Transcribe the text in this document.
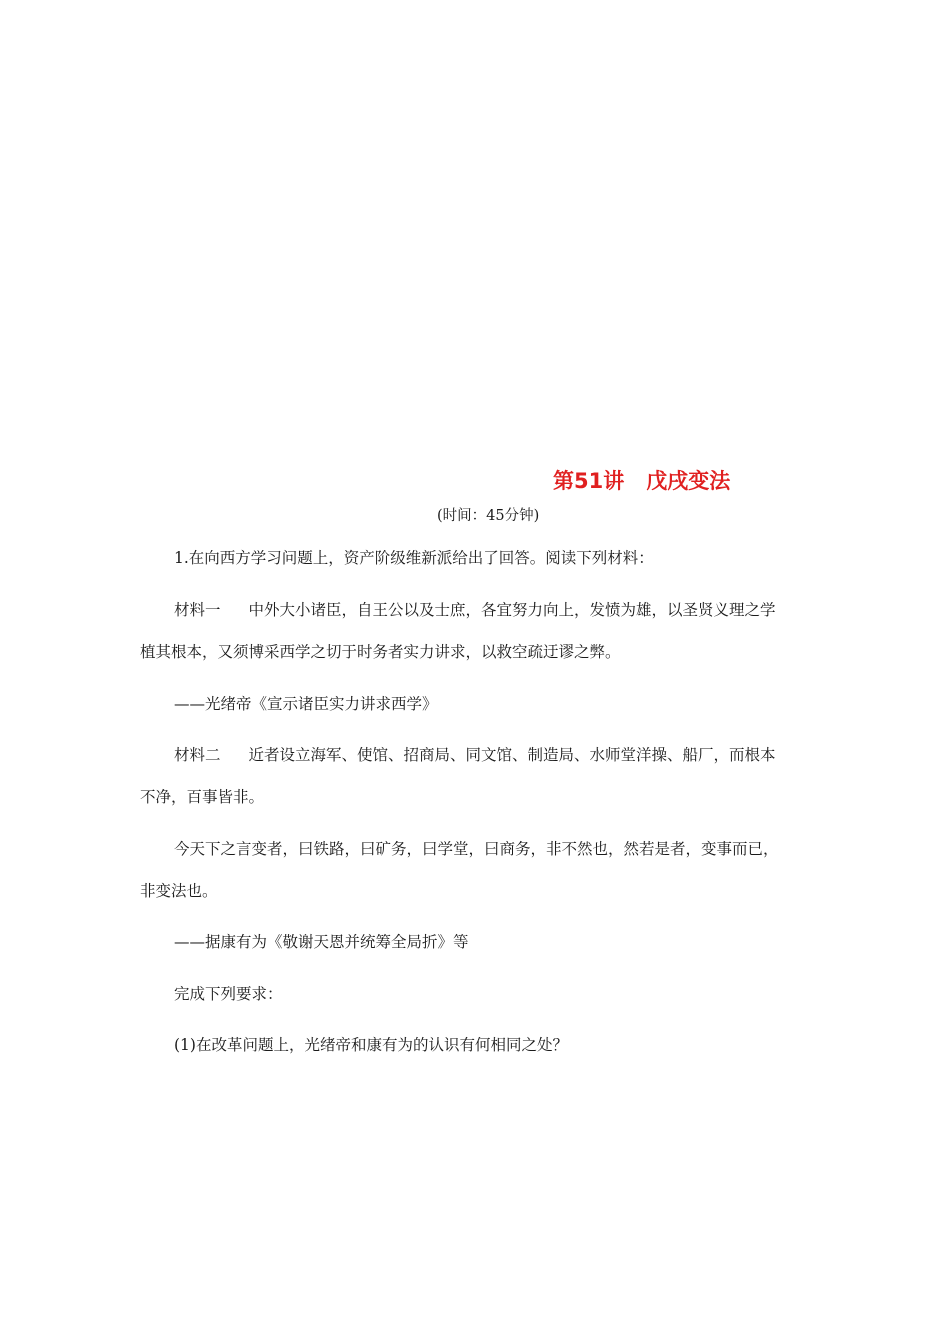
第51讲 戊戌变法
(时间：45分钟)

1.在向西方学习问题上，资产阶级维新派给出了回答。阅读下列材料：

材料一 中外大小诸臣，自王公以及士庶，各宜努力向上，发愤为雄，以圣贤义理之学

植其根本，又须博采西学之切于时务者实力讲求，以救空疏迂谬之弊。

——光绪帝《宣示诸臣实力讲求西学》

材料二 近者设立海军、使馆、招商局、同文馆、制造局、水师堂洋操、船厂，而根本

不净，百事皆非。

今天下之言变者，曰铁路，曰矿务，曰学堂，曰商务，非不然也，然若是者，变事而已，

非变法也。

——据康有为《敬谢天恩并统筹全局折》等

完成下列要求：

(1)在改革问题上，光绪帝和康有为的认识有何相同之处？
